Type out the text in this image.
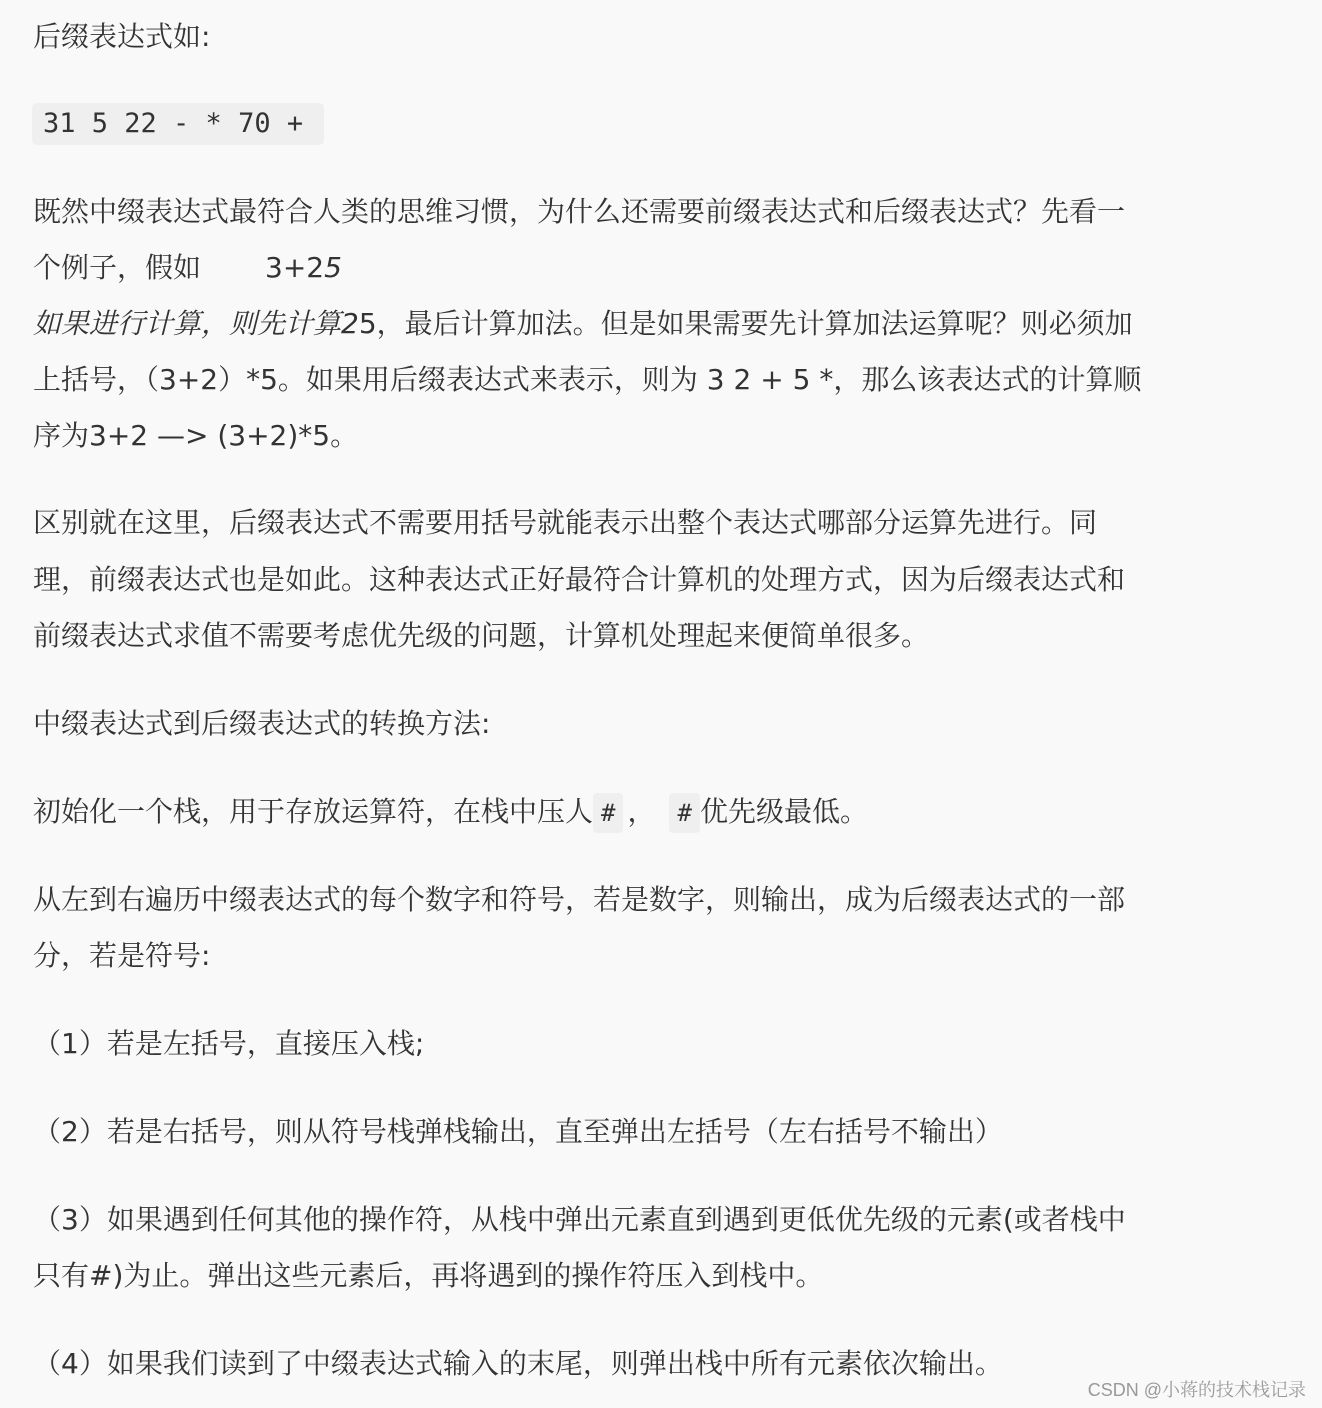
后缀表达式如:
31 5 22 - * 70 +
既然中缀表达式最符合人类的思维习惯，为什么还需要前缀表达式和后缀表达式？先看一
个例子，假如 3+25
如果进行计算，则先计算25，最后计算加法。但是如果需要先计算加法运算呢？则必须加
上括号，（3+2）*5。如果用后缀表达式来表示，则为 3 2 + 5 *，那么该表达式的计算顺
序为3+2 —> (3+2)*5。
区别就在这里，后缀表达式不需要用括号就能表示出整个表达式哪部分运算先进行。同
理，前缀表达式也是如此。这种表达式正好最符合计算机的处理方式，因为后缀表达式和
前缀表达式求值不需要考虑优先级的问题，计算机处理起来便简单很多。
中缀表达式到后缀表达式的转换方法:
初始化一个栈，用于存放运算符，在栈中压人 # ， # 优先级最低。
从左到右遍历中缀表达式的每个数字和符号，若是数字，则输出，成为后缀表达式的一部
分，若是符号:
（1）若是左括号，直接压入栈;
（2）若是右括号，则从符号栈弹栈输出，直至弹出左括号（左右括号不输出）
（3）如果遇到任何其他的操作符，从栈中弹出元素直到遇到更低优先级的元素(或者栈中
只有#)为止。弹出这些元素后，再将遇到的操作符压入到栈中。
（4）如果我们读到了中缀表达式输入的末尾，则弹出栈中所有元素依次输出。
CSDN @小蒋的技术栈记录
